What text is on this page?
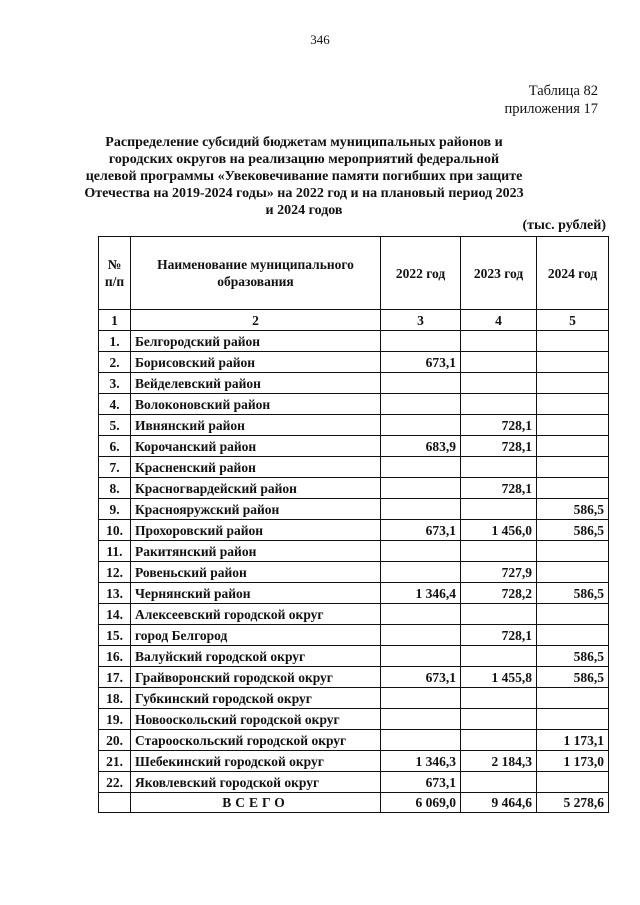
346
Таблица 82
приложения 17
Распределение субсидий бюджетам муниципальных районов и городских округов на реализацию мероприятий федеральной целевой программы «Увековечивание памяти погибших при защите Отечества на 2019-2024 годы» на 2022 год и на плановый период 2023 и 2024 годов
(тыс. рублей)
№ п/п	Наименование муниципального образования	2022 год	2023 год	2024 год
1	2	3	4	5
1.	Белгородский район			
2.	Борисовский район	673,1		
3.	Вейделевский район			
4.	Волоконовский район			
5.	Ивнянский район		728,1	
6.	Корочанский район	683,9	728,1	
7.	Красненский район			
8.	Красногвардейский район		728,1	
9.	Краснояружский район			586,5
10.	Прохоровский район	673,1	1 456,0	586,5
11.	Ракитянский район			
12.	Ровеньский район		727,9	
13.	Чернянский район	1 346,4	728,2	586,5
14.	Алексеевский городской округ			
15.	город Белгород		728,1	
16.	Валуйский городской округ			586,5
17.	Грайворонский городской округ	673,1	1 455,8	586,5
18.	Губкинский городской округ			
19.	Новооскольский городской округ			
20.	Старооскольский городской округ			1 173,1
21.	Шебекинский городской округ	1 346,3	2 184,3	1 173,0
22.	Яковлевский городской округ	673,1		
	ВСЕГО	6 069,0	9 464,6	5 278,6
